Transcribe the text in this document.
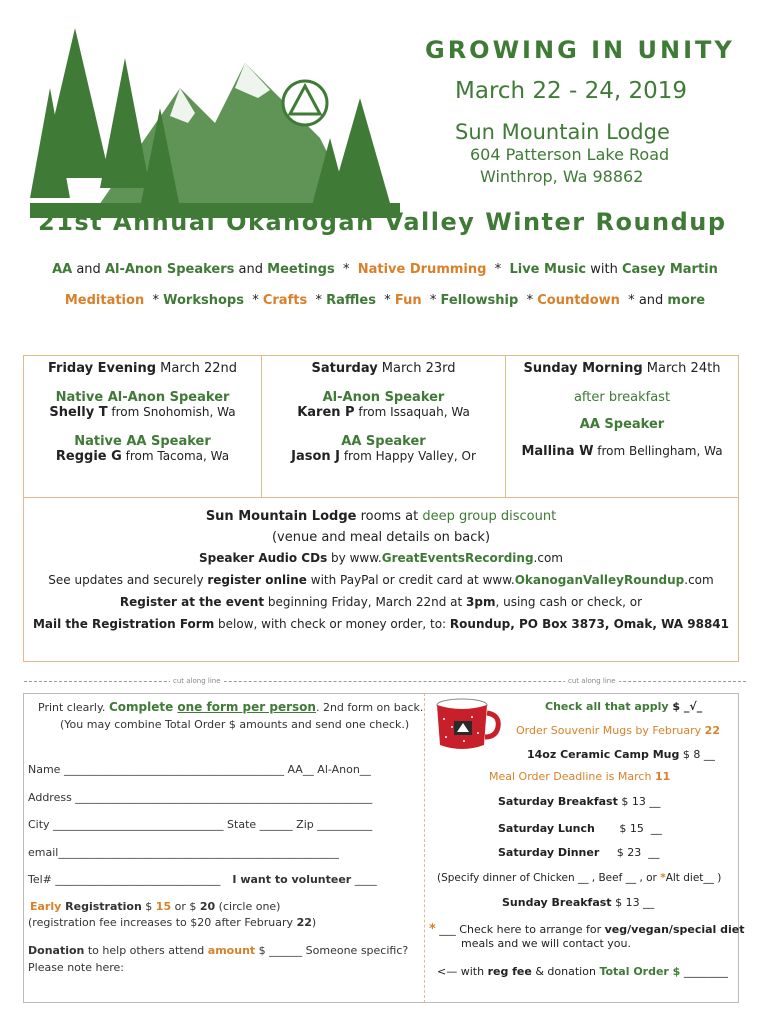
GROWING IN UNITY
March 22 - 24, 2019
Sun Mountain Lodge
604 Patterson Lake Road
Winthrop, Wa 98862
21st Annual Okanogan Valley Winter Roundup
AA and Al-Anon Speakers and Meetings  *  Native Drumming  *  Live Music with Casey Martin
Meditation  * Workshops  * Crafts  * Raffles  * Fun  * Fellowship  * Countdown  * and more
Friday Evening March 22nd
Native Al-Anon Speaker
Shelly T from Snohomish, Wa
Native AA Speaker
Reggie G from Tacoma, Wa
Saturday March 23rd
Al-Anon Speaker
Karen P from Issaquah, Wa
AA Speaker
Jason J from Happy Valley, Or
Sunday Morning March 24th
after breakfast
AA Speaker
Mallina W from Bellingham, Wa
Sun Mountain Lodge rooms at deep group discount
(venue and meal details on back)
Speaker Audio CDs by www.GreatEventsRecording.com
See updates and securely register online with PayPal or credit card at www.OkanoganValleyRoundup.com
Register at the event beginning Friday, March 22nd at 3pm, using cash or check, or
Mail the Registration Form below, with check or money order, to: Roundup, PO Box 3873, Omak, WA 98841
cut along line	cut along line
Print clearly. Complete one form per person. 2nd form on back.
(You may combine Total Order $ amounts and send one check.)
Name ________________________________________ AA__ Al-Anon__
Address ______________________________________________________
City _______________________________ State ______ Zip __________
email___________________________________________________
Tel# ______________________________ I want to volunteer ____
Early Registration $ 15 or $ 20 (circle one)
(registration fee increases to $20 after February 22)
Donation to help others attend amount $ ______ Someone specific?
Please note here:
Check all that apply $ _√_
Order Souvenir Mugs by February 22
14oz Ceramic Camp Mug $ 8 __
Meal Order Deadline is March 11
Saturday Breakfast $ 13 __
Saturday Lunch       $ 15  __
Saturday Dinner     $ 23  __
(Specify dinner of Chicken __ , Beef __ , or *Alt diet__ )
Sunday Breakfast $ 13 __
* ___ Check here to arrange for veg/vegan/special diet
meals and we will contact you.
<— with reg fee & donation Total Order $ ________
